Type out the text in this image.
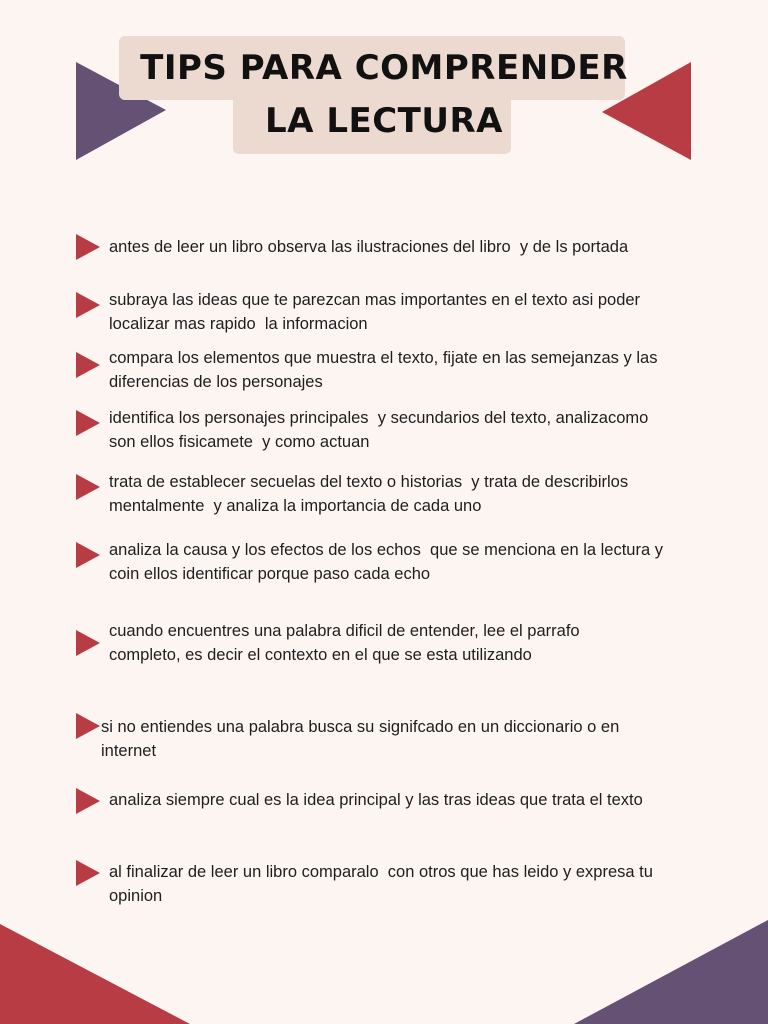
TIPS PARA COMPRENDER
LA LECTURA
antes de leer un libro observa las ilustraciones del libro  y de ls portada
subraya las ideas que te parezcan mas importantes en el texto asi poder
localizar mas rapido  la informacion
compara los elementos que muestra el texto, fijate en las semejanzas y las
diferencias de los personajes
identifica los personajes principales  y secundarios del texto, analizacomo
son ellos fisicamete  y como actuan
trata de establecer secuelas del texto o historias  y trata de describirlos
mentalmente  y analiza la importancia de cada uno
analiza la causa y los efectos de los echos  que se menciona en la lectura y
coin ellos identificar porque paso cada echo
cuando encuentres una palabra dificil de entender, lee el parrafo
completo, es decir el contexto en el que se esta utilizando
si no entiendes una palabra busca su signifcado en un diccionario o en
internet
analiza siempre cual es la idea principal y las tras ideas que trata el texto
al finalizar de leer un libro comparalo  con otros que has leido y expresa tu
opinion
